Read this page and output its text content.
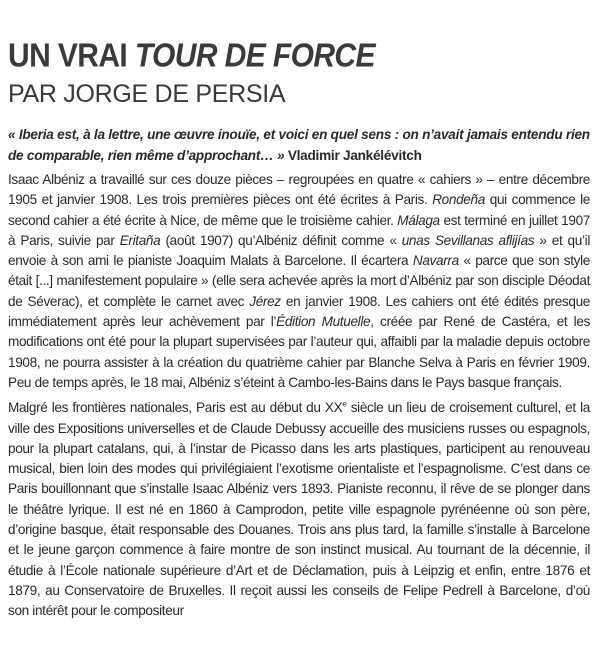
UN VRAI TOUR DE FORCE
PAR JORGE DE PERSIA

« Iberia est, à la lettre, une œuvre inouïe, et voici en quel sens : on n’avait jamais entendu rien de comparable, rien même d’approchant… » Vladimir Jankélévitch

Isaac Albéniz a travaillé sur ces douze pièces – regroupées en quatre « cahiers » – entre décembre 1905 et janvier 1908. Les trois premières pièces ont été écrites à Paris. Rondeña qui commence le second cahier a été écrite à Nice, de même que le troisième cahier. Málaga est terminé en juillet 1907 à Paris, suivie par Eritaña (août 1907) qu’Albéniz définit comme « unas Sevillanas aflijías » et qu’il envoie à son ami le pianiste Joaquim Malats à Barcelone. Il écartera Navarra « parce que son style était [...] manifestement populaire » (elle sera achevée après la mort d’Albéniz par son disciple Déodat de Séverac), et complète le carnet avec Jérez en janvier 1908. Les cahiers ont été édités presque immédiatement après leur achèvement par l’Édition Mutuelle, créée par René de Castéra, et les modifications ont été pour la plupart supervisées par l’auteur qui, affaibli par la maladie depuis octobre 1908, ne pourra assister à la création du quatrième cahier par Blanche Selva à Paris en février 1909. Peu de temps après, le 18 mai, Albéniz s’éteint à Cambo-les-Bains dans le Pays basque français.

Malgré les frontières nationales, Paris est au début du XXe siècle un lieu de croisement culturel, et la ville des Expositions universelles et de Claude Debussy accueille des musiciens russes ou espagnols, pour la plupart catalans, qui, à l’instar de Picasso dans les arts plastiques, participent au renouveau musical, bien loin des modes qui privilégiaient l’exotisme orientaliste et l’espagnolisme. C’est dans ce Paris bouillonnant que s’installe Isaac Albéniz vers 1893. Pianiste reconnu, il rêve de se plonger dans le théâtre lyrique. Il est né en 1860 à Camprodon, petite ville espagnole pyrénéenne où son père, d’origine basque, était responsable des Douanes. Trois ans plus tard, la famille s’installe à Barcelone et le jeune garçon commence à faire montre de son instinct musical. Au tournant de la décennie, il étudie à l’École nationale supérieure d’Art et de Déclamation, puis à Leipzig et enfin, entre 1876 et 1879, au Conservatoire de Bruxelles. Il reçoit aussi les conseils de Felipe Pedrell à Barcelone, d’où son intérêt pour le compositeur
